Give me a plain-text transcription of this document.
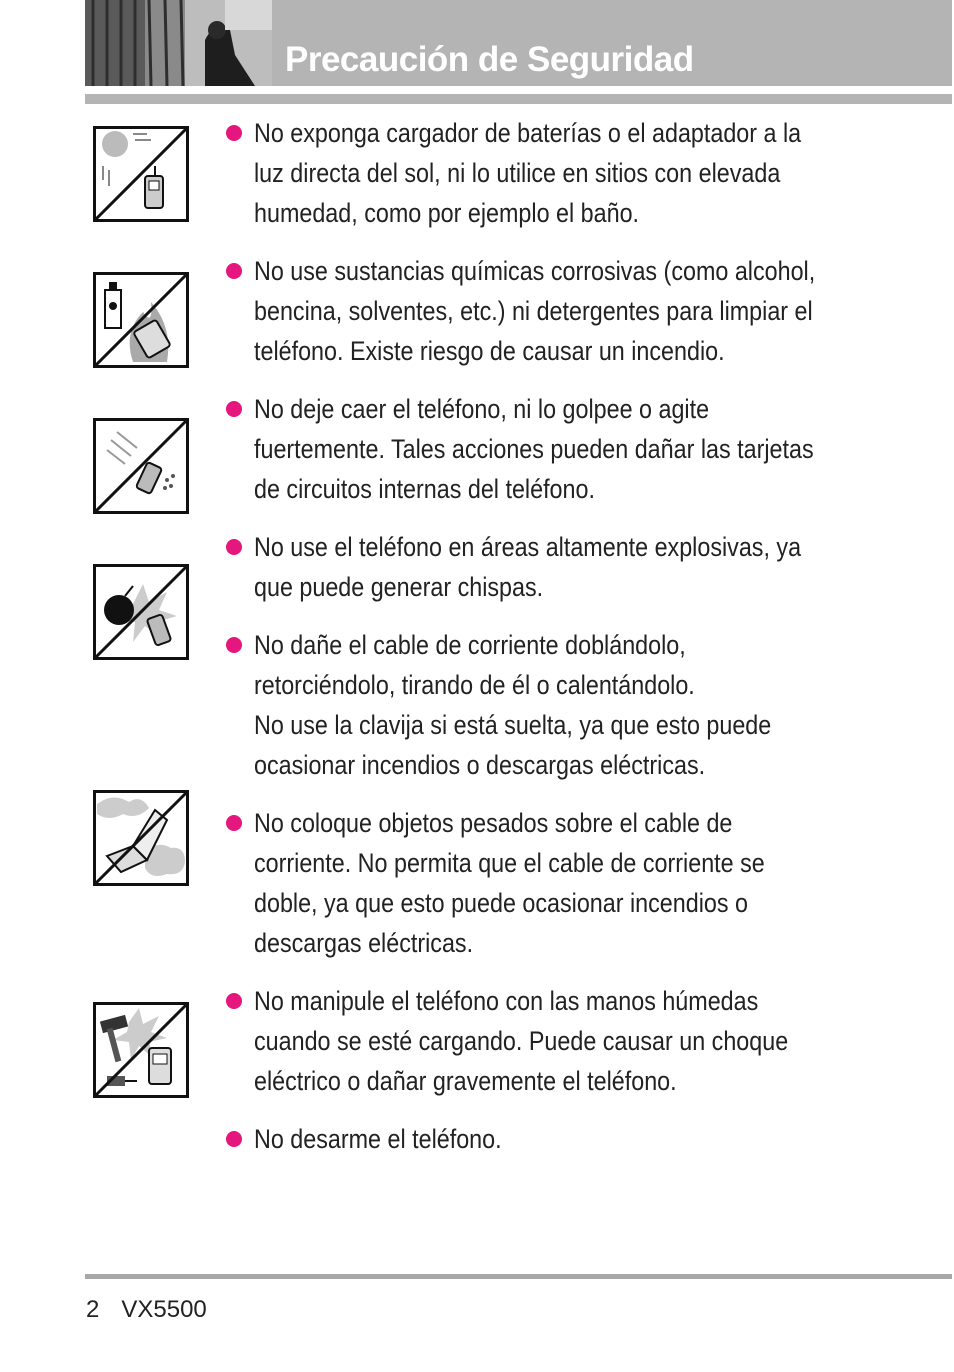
Precaución de Seguridad
No exponga cargador de baterías o el adaptador a la
luz directa del sol, ni lo utilice en sitios con elevada
humedad, como por ejemplo el baño.
No use sustancias químicas corrosivas (como alcohol,
bencina, solventes, etc.) ni detergentes para limpiar el
teléfono. Existe riesgo de causar un incendio.
No deje caer el teléfono, ni lo golpee o agite
fuertemente. Tales acciones pueden dañar las tarjetas
de circuitos internas del teléfono.
No use el teléfono en áreas altamente explosivas, ya
que puede generar chispas.
No dañe el cable de corriente doblándolo,
retorciéndolo, tirando de él o calentándolo.
No use la clavija si está suelta, ya que esto puede
ocasionar incendios o descargas eléctricas.
No coloque objetos pesados sobre el cable de
corriente. No permita que el cable de corriente se
doble, ya que esto puede ocasionar incendios o
descargas eléctricas.
No manipule el teléfono con las manos húmedas
cuando se esté cargando. Puede causar un choque
eléctrico o dañar gravemente el teléfono.
No desarme el teléfono.
2 VX5500
